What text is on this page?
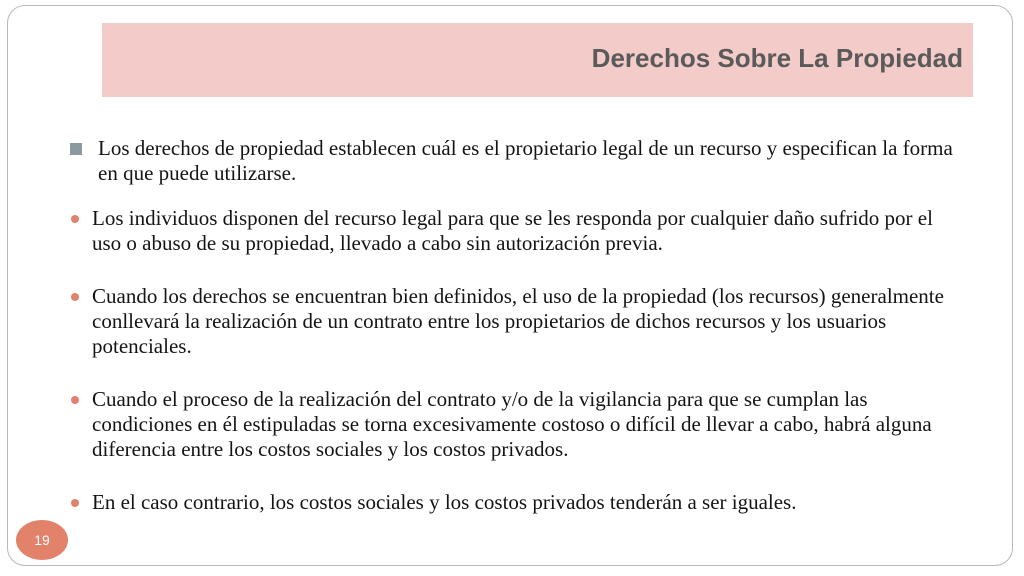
Derechos Sobre La Propiedad
Los derechos de propiedad establecen cuál es el propietario legal de un recurso y especifican la forma en que puede utilizarse.
Los individuos disponen del recurso legal para que se les responda por cualquier daño sufrido por el uso o abuso de su propiedad, llevado a cabo sin autorización previa.
Cuando los derechos se encuentran bien definidos, el uso de la propiedad (los recursos) generalmente conllevará la realización de un contrato entre los propietarios de dichos recursos y los usuarios potenciales.
Cuando el proceso de la realización del contrato y/o de la vigilancia para que se cumplan las condiciones en él estipuladas se torna excesivamente costoso o difícil de llevar a cabo, habrá alguna diferencia entre los costos sociales y los costos privados.
En el caso contrario, los costos sociales y los costos privados tenderán a ser iguales.
19
